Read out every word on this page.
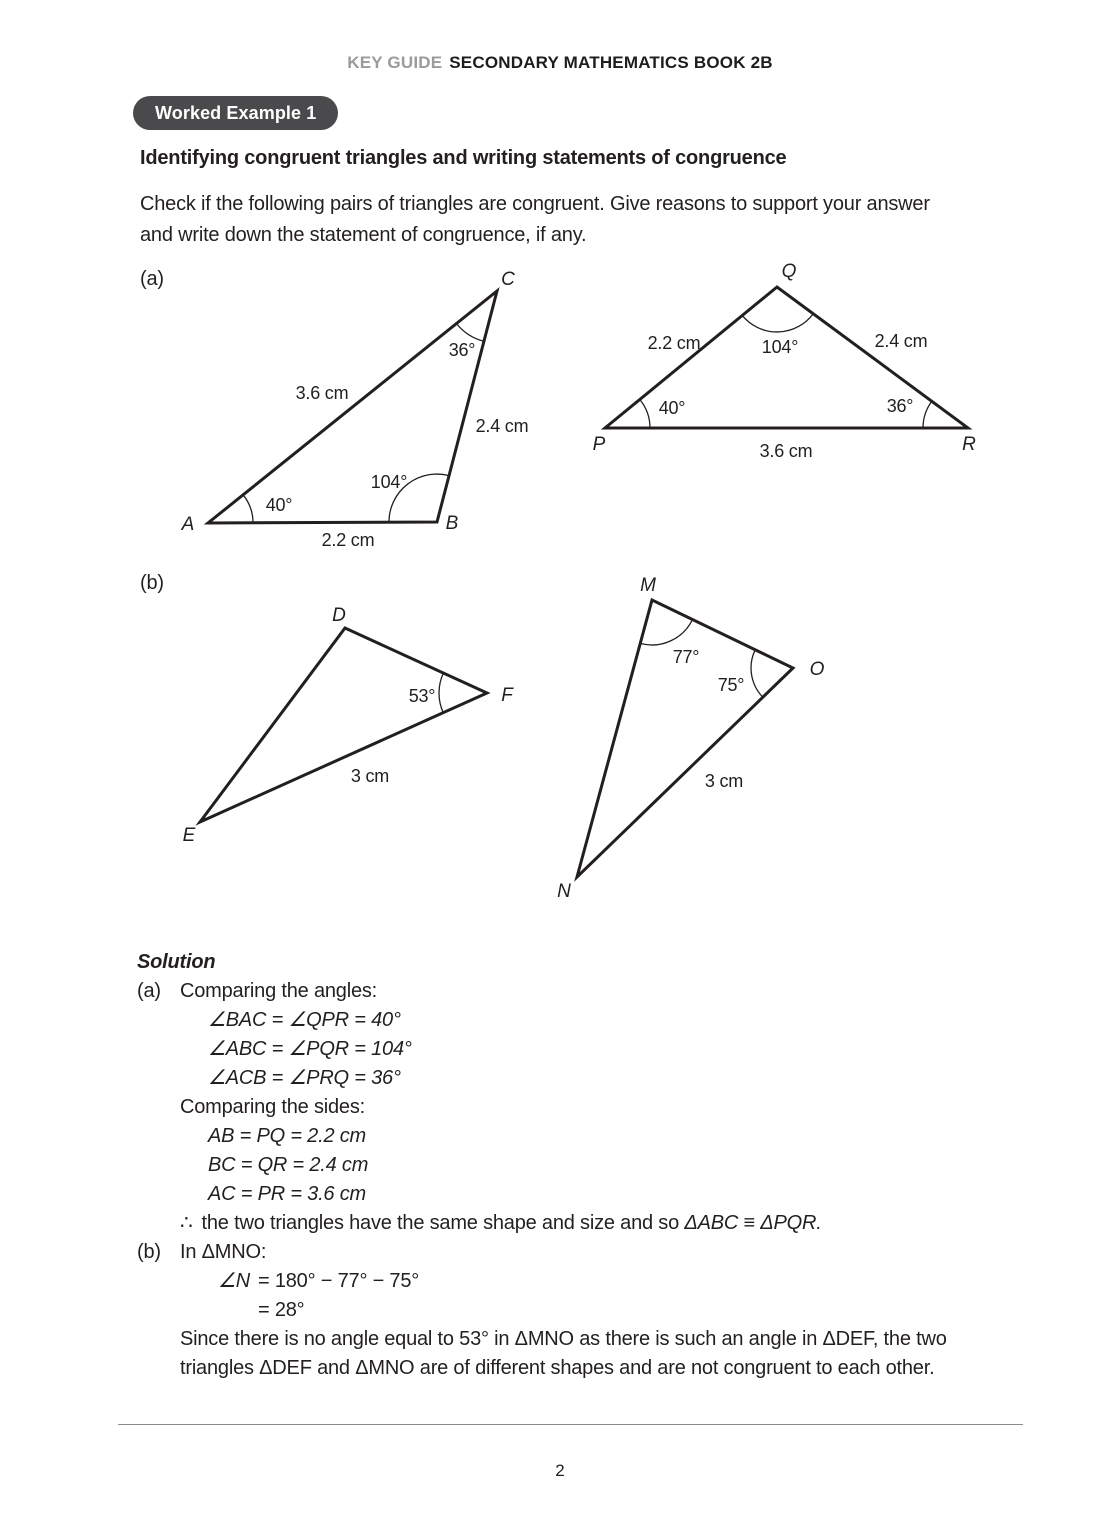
KEY GUIDE SECONDARY MATHEMATICS BOOK 2B
Worked Example 1
Identifying congruent triangles and writing statements of congruence
Check if the following pairs of triangles are congruent. Give reasons to support your answer
and write down the statement of congruence, if any.
(a)
(b)
A	B
C
40°
104°
36°
3.6 cm
2.4 cm
2.2 cm
P
Q
R
40°
104°
36°
2.2 cm	2.4 cm
3.6 cm
D
E
F
53°
3 cm
M
N
O
77°
75°
3 cm
Solution
(a) Comparing the angles:
∠BAC = ∠QPR = 40°
∠ABC = ∠PQR = 104°
∠ACB = ∠PRQ = 36°
Comparing the sides:
AB = PQ = 2.2 cm
BC = QR = 2.4 cm
AC = PR = 3.6 cm
∴ the two triangles have the same shape and size and so ΔABC ≡ ΔPQR.
(b) In ΔMNO:
∠N = 180° − 77° − 75°
= 28°
Since there is no angle equal to 53° in ΔMNO as there is such an angle in ΔDEF, the two
triangles ΔDEF and ΔMNO are of different shapes and are not congruent to each other.
2
